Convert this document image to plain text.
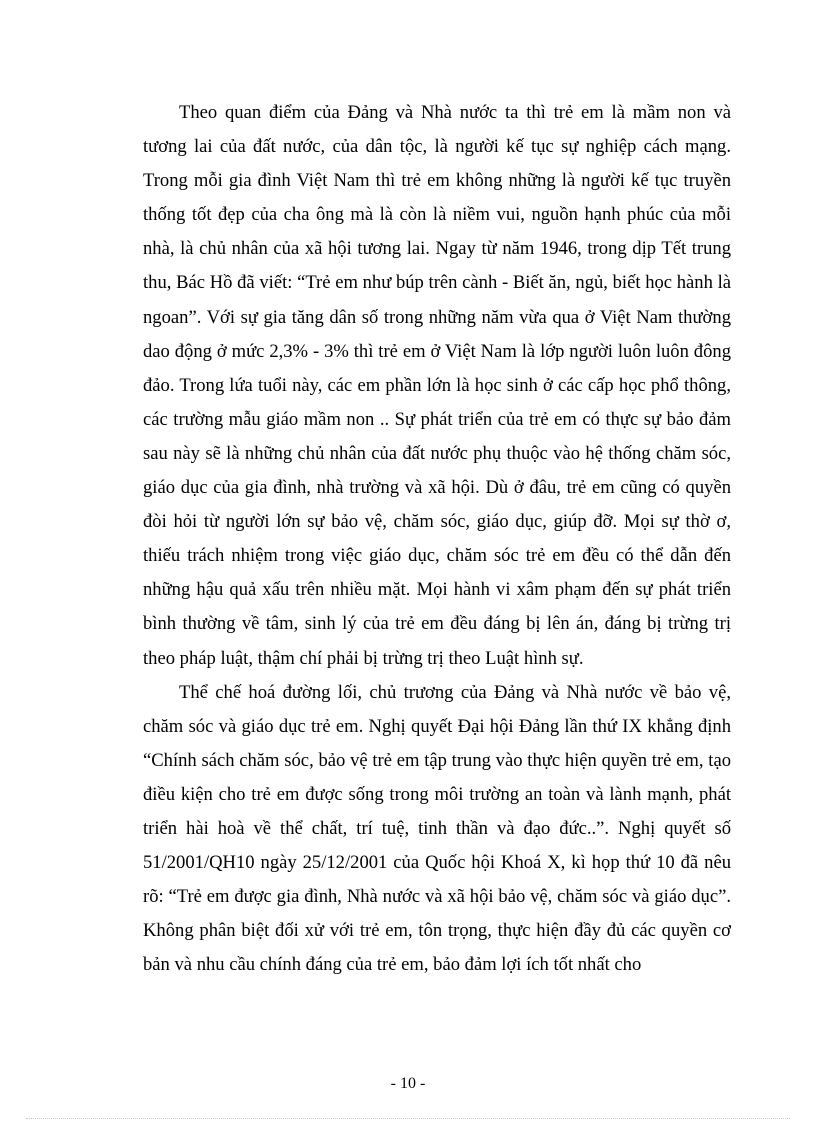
Theo quan điểm của Đảng và Nhà nước ta thì trẻ em là mầm non và tương lai của đất nước, của dân tộc, là người kế tục sự nghiệp cách mạng. Trong mỗi gia đình Việt Nam thì trẻ em không những là người kế tục truyền thống tốt đẹp của cha ông mà là còn là niềm vui, nguồn hạnh phúc của mỗi nhà, là chủ nhân của xã hội tương lai. Ngay từ năm 1946, trong dịp Tết trung thu, Bác Hồ đã viết: “Trẻ em như búp trên cành - Biết ăn, ngủ, biết học hành là ngoan”. Với sự gia tăng dân số trong những năm vừa qua ở Việt Nam thường dao động ở mức 2,3% - 3% thì trẻ em ở Việt Nam là lớp người luôn luôn đông đảo. Trong lứa tuổi này, các em phần lớn là học sinh ở các cấp học phổ thông, các trường mẫu giáo mầm non .. Sự phát triển của trẻ em có thực sự bảo đảm sau này sẽ là những chủ nhân của đất nước phụ thuộc vào hệ thống chăm sóc, giáo dục của gia đình, nhà trường và xã hội. Dù ở đâu, trẻ em cũng có quyền đòi hỏi từ người lớn sự bảo vệ, chăm sóc, giáo dục, giúp đỡ. Mọi sự thờ ơ, thiếu trách nhiệm trong việc giáo dục, chăm sóc trẻ em đều có thể dẫn đến những hậu quả xấu trên nhiều mặt. Mọi hành vi xâm phạm đến sự phát triển bình thường về tâm, sinh lý của trẻ em đều đáng bị lên án, đáng bị trừng trị theo pháp luật, thậm chí phải bị trừng trị theo Luật hình sự.

Thể chế hoá đường lối, chủ trương của Đảng và Nhà nước về bảo vệ, chăm sóc và giáo dục trẻ em. Nghị quyết Đại hội Đảng lần thứ IX khẳng định “Chính sách chăm sóc, bảo vệ trẻ em tập trung vào thực hiện quyền trẻ em, tạo điều kiện cho trẻ em được sống trong môi trường an toàn và lành mạnh, phát triển hài hoà về thể chất, trí tuệ, tinh thần và đạo đức..”. Nghị quyết số 51/2001/QH10 ngày 25/12/2001 của Quốc hội Khoá X, kì họp thứ 10 đã nêu rõ: “Trẻ em được gia đình, Nhà nước và xã hội bảo vệ, chăm sóc và giáo dục”. Không phân biệt đối xử với trẻ em, tôn trọng, thực hiện đầy đủ các quyền cơ bản và nhu cầu chính đáng của trẻ em, bảo đảm lợi ích tốt nhất cho

- 10 -
